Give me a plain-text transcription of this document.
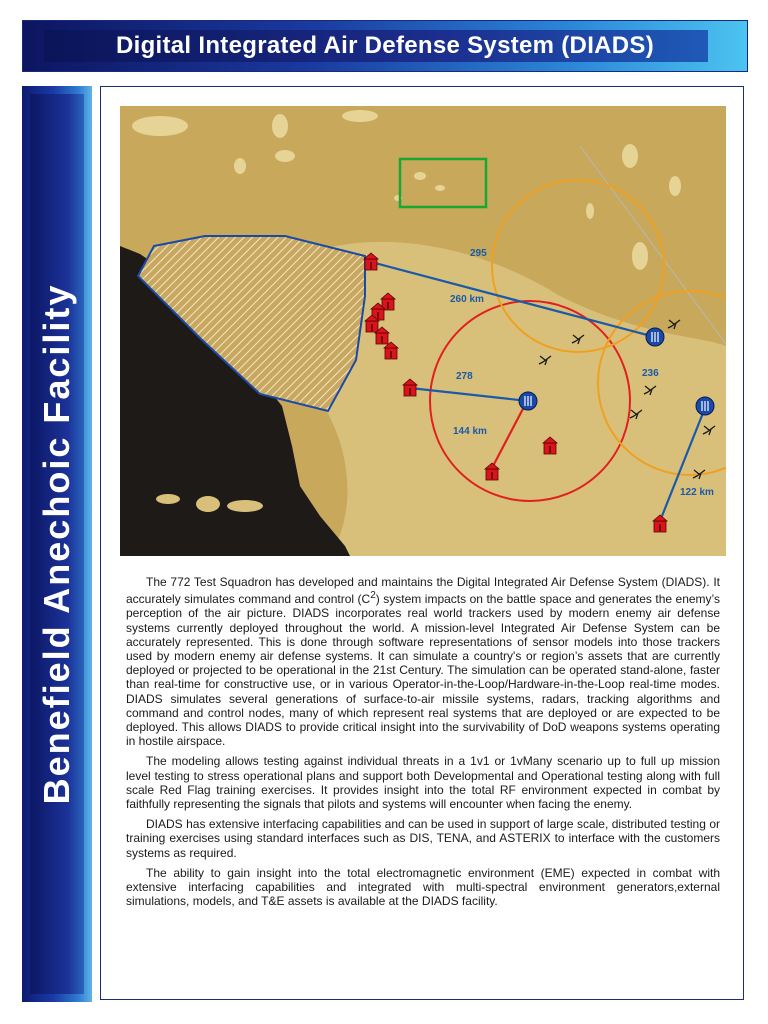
Digital Integrated Air Defense System (DIADS)
Benefield Anechoic Facility
295
260 km
278
144 km
236
122 km

The 772 Test Squadron has developed and maintains the Digital Integrated Air Defense System (DIADS). It accurately simulates command and control $(C^2)$ system impacts on the battle space and generates the enemy’s perception of the air picture. DIADS incorporates real world trackers used by modern enemy air defense systems currently deployed throughout the world. A mission-level Integrated Air Defense System can be accurately represented. This is done through software representations of sensor models into those trackers used by modern enemy air defense systems. It can simulate a country's or region’s assets that are currently deployed or projected to be operational in the 21st Century. The simulation can be operated stand-alone, faster than real-time for constructive use, or in various Operator-in-the-Loop/Hardware-in-the-Loop real-time modes. DIADS simulates several generations of surface-to-air missile systems, radars, tracking algorithms and command and control nodes, many of which represent real systems that are deployed or are expected to be deployed. This allows DIADS to provide critical insight into the survivability of DoD weapons systems operating in hostile airspace.

The modeling allows testing against individual threats in a 1v1 or 1vMany scenario up to full up mission level testing to stress operational plans and support both Developmental and Operational testing along with full scale Red Flag training exercises. It provides insight into the total RF environment expected in combat by faithfully representing the signals that pilots and systems will encounter when facing the enemy.

DIADS has extensive interfacing capabilities and can be used in support of large scale, distributed testing or training exercises using standard interfaces such as DIS, TENA, and ASTERIX to interface with the customers systems as required.

The ability to gain insight into the total electromagnetic environment (EME) expected in combat with extensive interfacing capabilities and integrated with multi-spectral environment generators,external simulations, models, and T&E assets is available at the DIADS facility.
